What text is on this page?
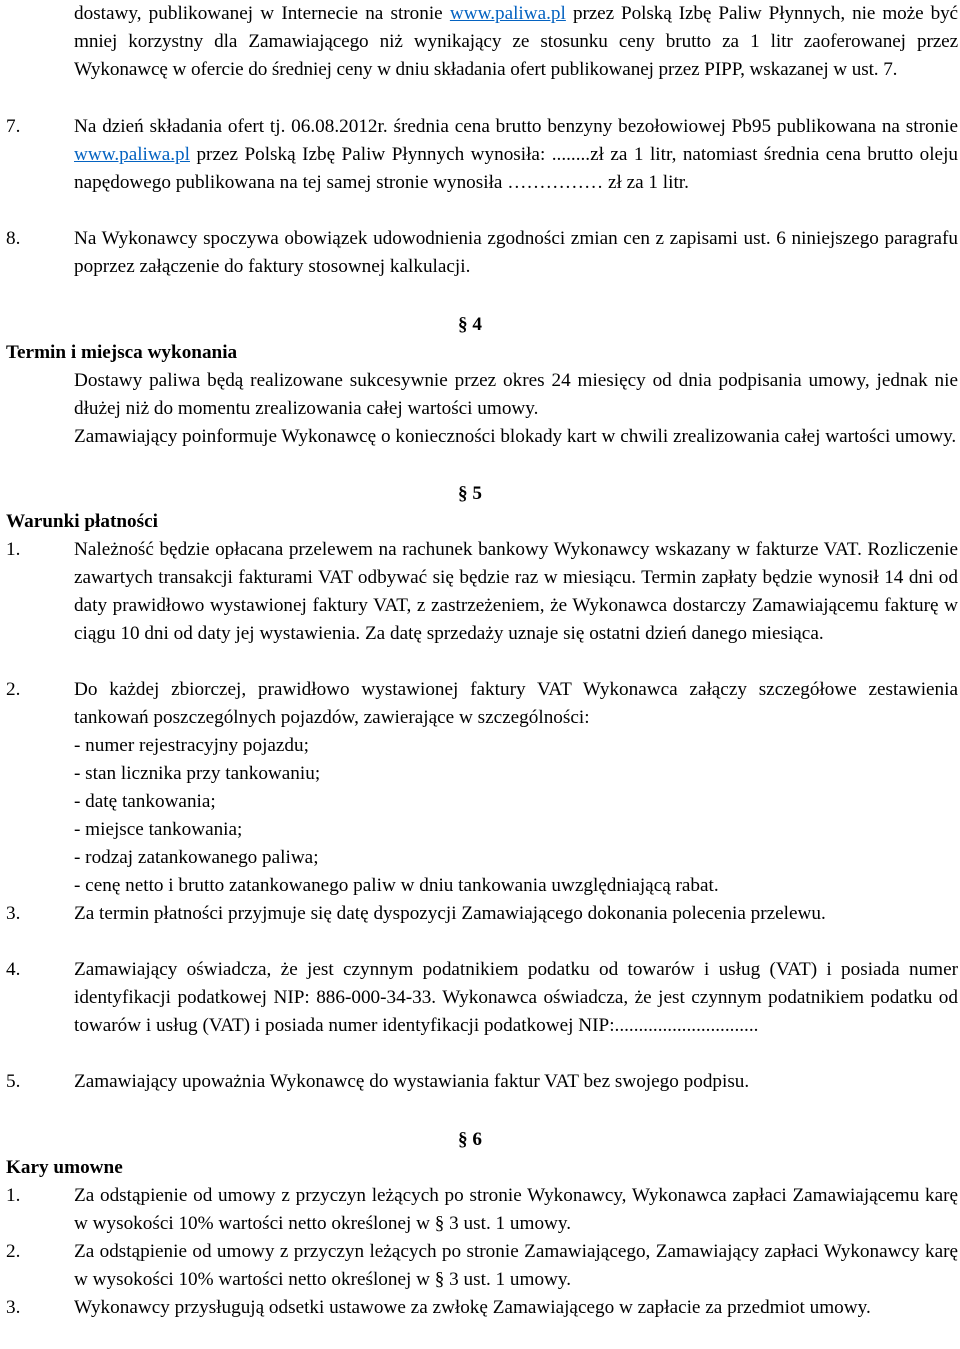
dostawy, publikowanej w Internecie na stronie www.paliwa.pl przez Polską Izbę Paliw Płynnych, nie może być mniej korzystny dla Zamawiającego niż wynikający ze stosunku ceny brutto za 1 litr zaoferowanej przez Wykonawcę w ofercie do średniej ceny w dniu składania ofert publikowanej przez PIPP, wskazanej w ust. 7.
7.	Na dzień składania ofert tj. 06.08.2012r. średnia cena brutto benzyny bezołowiowej Pb95 publikowana na stronie www.paliwa.pl przez Polską Izbę Paliw Płynnych wynosiła: ........zł za 1 litr, natomiast średnia cena brutto oleju napędowego publikowana na tej samej stronie wynosiła …………… zł za 1 litr.
8.	Na Wykonawcy spoczywa obowiązek udowodnienia zgodności zmian cen z zapisami ust. 6 niniejszego paragrafu poprzez załączenie do faktury stosownej kalkulacji.
§ 4
Termin i miejsca wykonania
Dostawy paliwa będą realizowane sukcesywnie przez okres 24 miesięcy od dnia podpisania umowy, jednak nie dłużej niż do momentu zrealizowania całej wartości umowy.
Zamawiający poinformuje Wykonawcę o konieczności blokady kart w chwili zrealizowania całej wartości umowy.
§ 5
Warunki płatności
1.	Należność będzie opłacana przelewem na rachunek bankowy Wykonawcy wskazany w fakturze VAT. Rozliczenie zawartych transakcji fakturami VAT odbywać się będzie raz w miesiącu. Termin zapłaty będzie wynosił 14 dni od daty prawidłowo wystawionej faktury VAT, z zastrzeżeniem, że Wykonawca dostarczy Zamawiającemu fakturę w ciągu 10 dni od daty jej wystawienia. Za datę sprzedaży uznaje się ostatni dzień danego miesiąca.
2.	Do każdej zbiorczej, prawidłowo wystawionej faktury VAT Wykonawca załączy szczegółowe zestawienia tankowań poszczególnych pojazdów, zawierające w szczególności:
- numer rejestracyjny pojazdu;
- stan licznika przy tankowaniu;
- datę tankowania;
- miejsce tankowania;
- rodzaj zatankowanego paliwa;
- cenę netto i brutto zatankowanego paliw w dniu tankowania uwzględniającą rabat.
3.	Za termin płatności przyjmuje się datę dyspozycji Zamawiającego dokonania polecenia przelewu.
4.	Zamawiający oświadcza, że jest czynnym podatnikiem podatku od towarów i usług (VAT) i posiada numer identyfikacji podatkowej NIP: 886-000-34-33. Wykonawca oświadcza, że jest czynnym podatnikiem podatku od towarów i usług (VAT) i posiada numer identyfikacji podatkowej NIP:..............................
5.	Zamawiający upoważnia Wykonawcę do wystawiania faktur VAT bez swojego podpisu.
§ 6
Kary umowne
1.	Za odstąpienie od umowy z przyczyn leżących po stronie Wykonawcy, Wykonawca zapłaci Zamawiającemu karę w wysokości 10% wartości netto określonej w § 3 ust. 1 umowy.
2.	Za odstąpienie od umowy z przyczyn leżących po stronie Zamawiającego, Zamawiający zapłaci Wykonawcy karę w wysokości 10% wartości netto określonej w § 3 ust. 1 umowy.
3.	Wykonawcy przysługują odsetki ustawowe za zwłokę Zamawiającego w zapłacie za przedmiot umowy.
